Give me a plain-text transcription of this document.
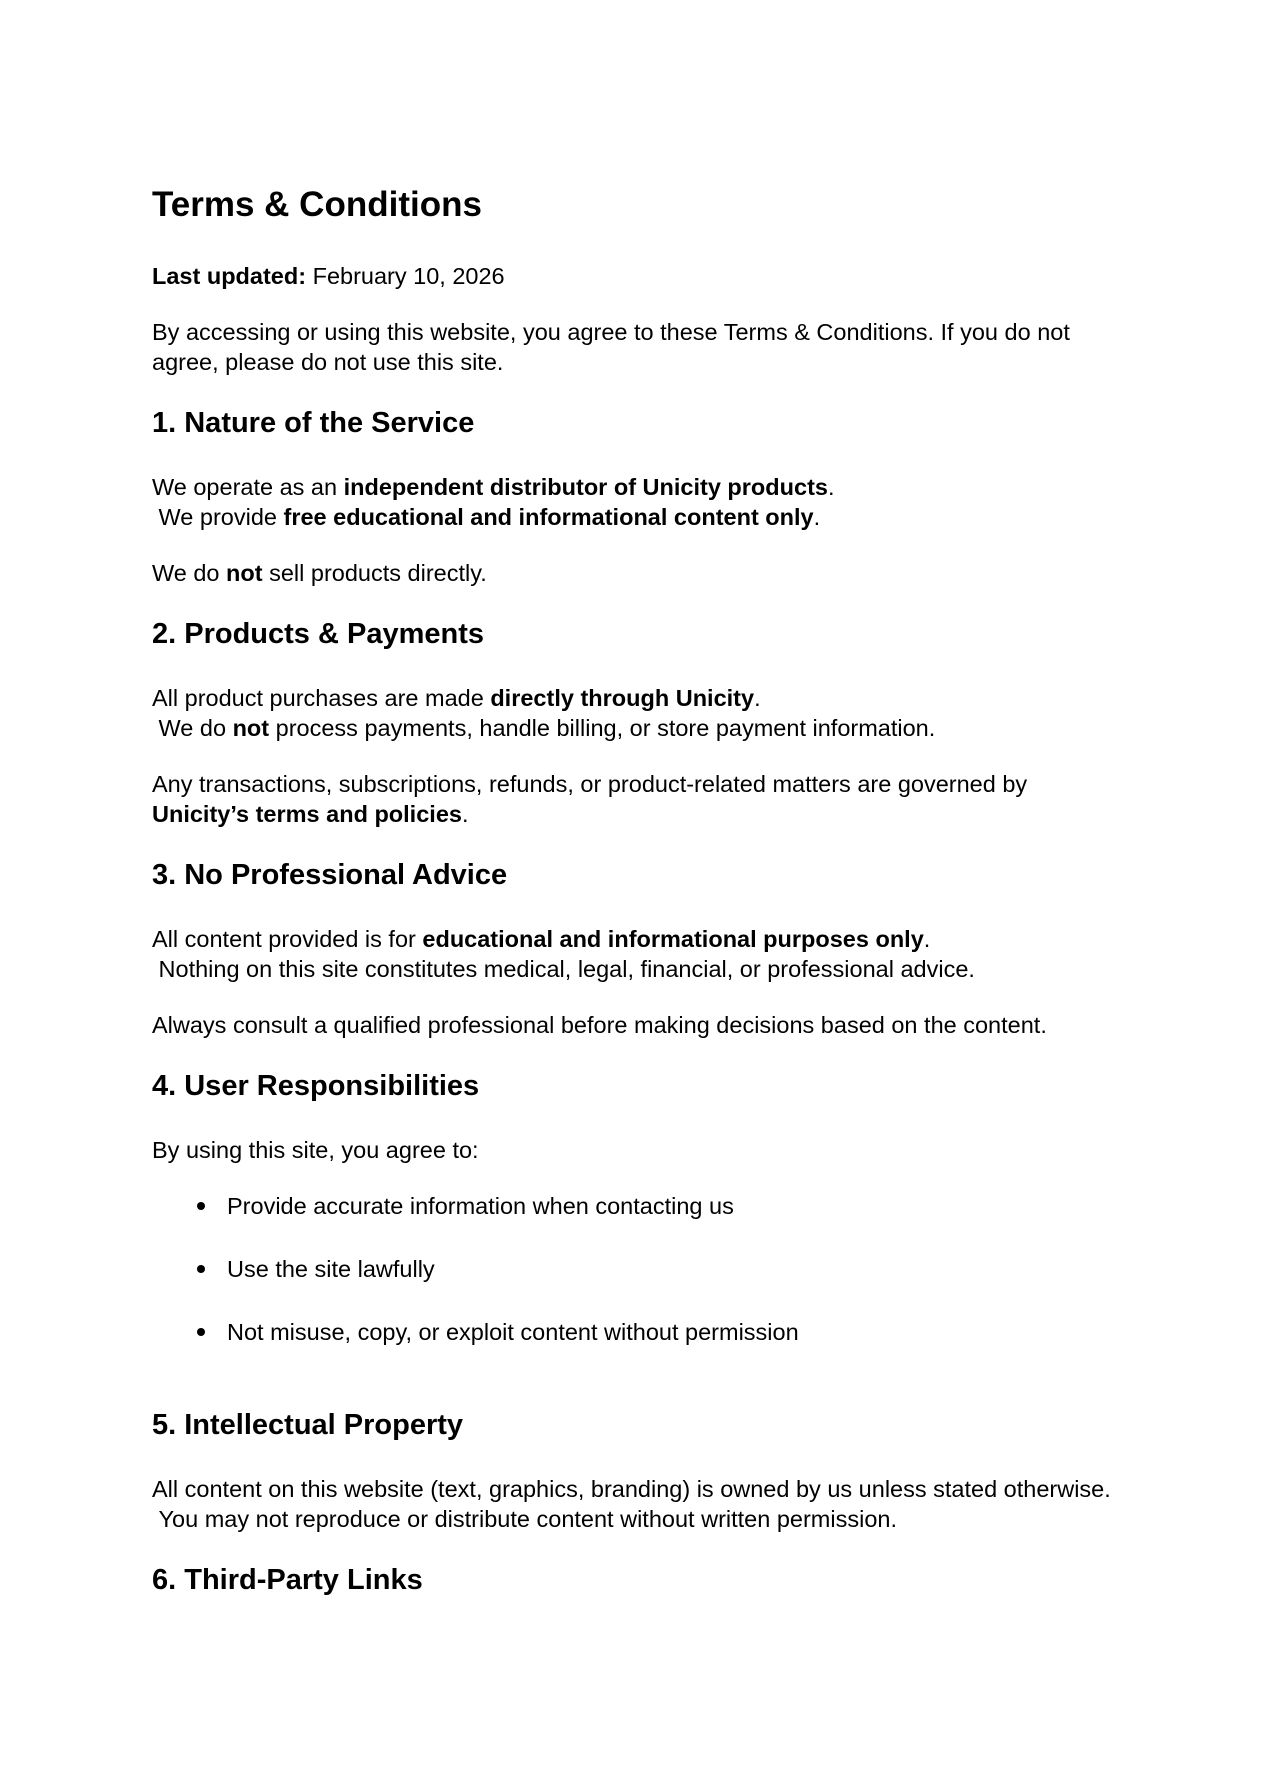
Terms & Conditions

Last updated: February 10, 2026

By accessing or using this website, you agree to these Terms & Conditions. If you do not agree, please do not use this site.

1. Nature of the Service

We operate as an independent distributor of Unicity products.
We provide free educational and informational content only.

We do not sell products directly.

2. Products & Payments

All product purchases are made directly through Unicity.
We do not process payments, handle billing, or store payment information.

Any transactions, subscriptions, refunds, or product-related matters are governed by Unicity’s terms and policies.

3. No Professional Advice

All content provided is for educational and informational purposes only.
Nothing on this site constitutes medical, legal, financial, or professional advice.

Always consult a qualified professional before making decisions based on the content.

4. User Responsibilities

By using this site, you agree to:

Provide accurate information when contacting us
Use the site lawfully
Not misuse, copy, or exploit content without permission
5. Intellectual Property

All content on this website (text, graphics, branding) is owned by us unless stated otherwise.
You may not reproduce or distribute content without written permission.

6. Third-Party Links
